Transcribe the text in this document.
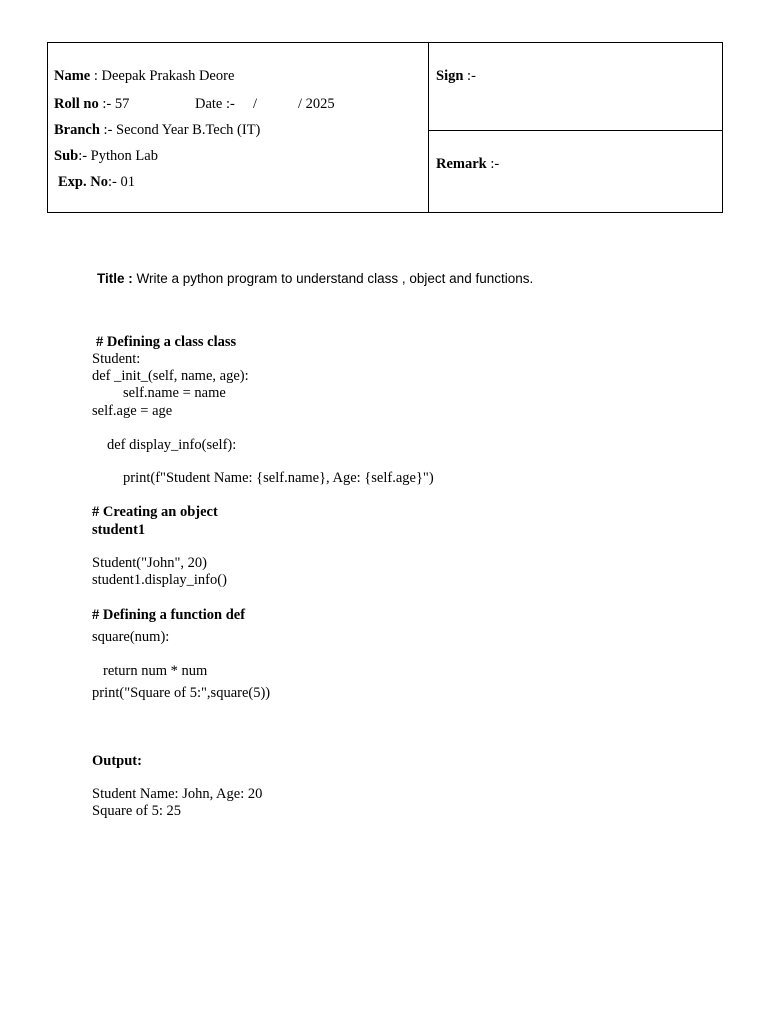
Name : Deepak Prakash Deore
Roll no :- 57	Date :- /	/ 2025
Branch :- Second Year B.Tech (IT)
Sub:- Python Lab
Exp. No:- 01
Sign :-
Remark :-
Title : Write a python program to understand class , object and functions.
# Defining a class class
Student:
def _init_(self, name, age):
self.name = name
self.age = age
def display_info(self):
print(f"Student Name: {self.name}, Age: {self.age}")
# Creating an object
student1
Student("John", 20)
student1.display_info()
# Defining a function def
square(num):
return num * num
print("Square of 5:",square(5))
Output:
Student Name: John, Age: 20
Square of 5: 25
